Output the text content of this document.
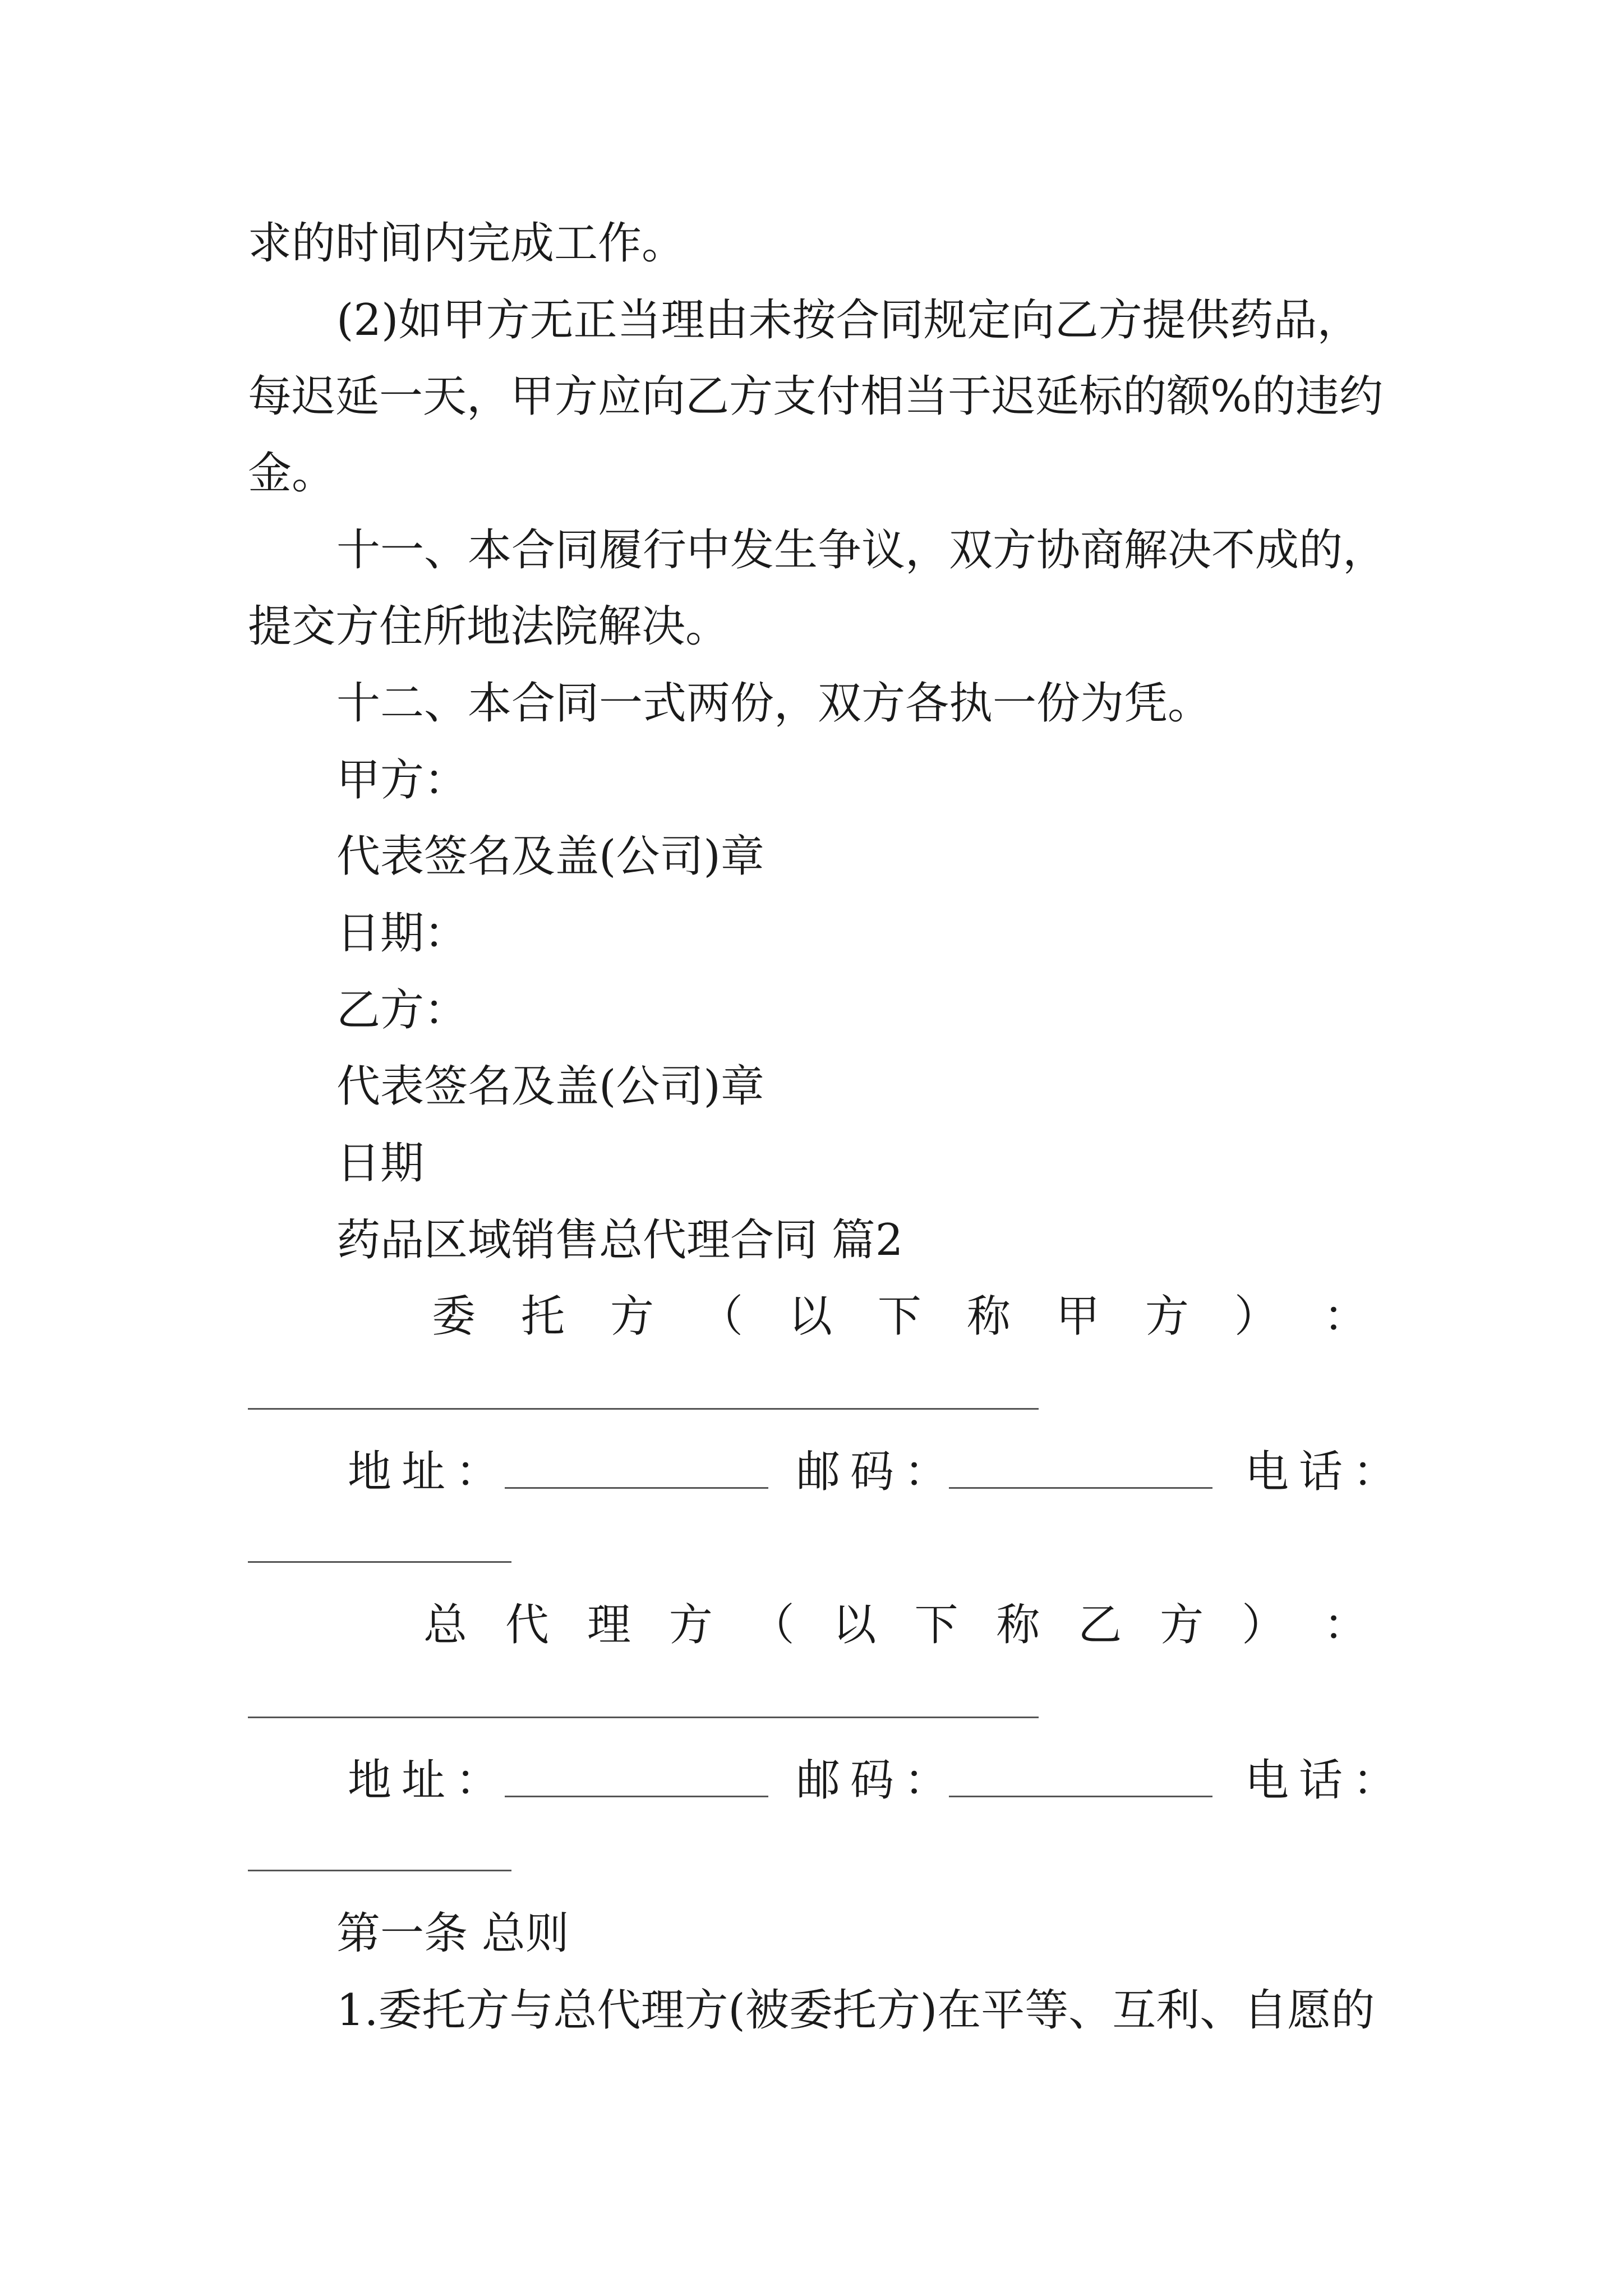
求的时间内完成工作。
(2)如甲方无正当理由未按合同规定向乙方提供药品，
每迟延一天，甲方应向乙方支付相当于迟延标的额%的违约
金。
十一、本合同履行中发生争议，双方协商解决不成的，
提交方住所地法院解决。
十二、本合同一式两份，双方各执一份为凭。
甲方：
代表签名及盖(公司)章
日期：
乙方：
代表签名及盖(公司)章
日期
药品区域销售总代理合同 篇2
委 托 方 （ 以 下 称 甲 方 ） ：
地址：	邮码：	电话：
总 代 理 方 （ 以 下 称 乙 方 ） ：
地址：	邮码：	电话：
第一条 总则
1.委托方与总代理方(被委托方)在平等、互利、自愿的
